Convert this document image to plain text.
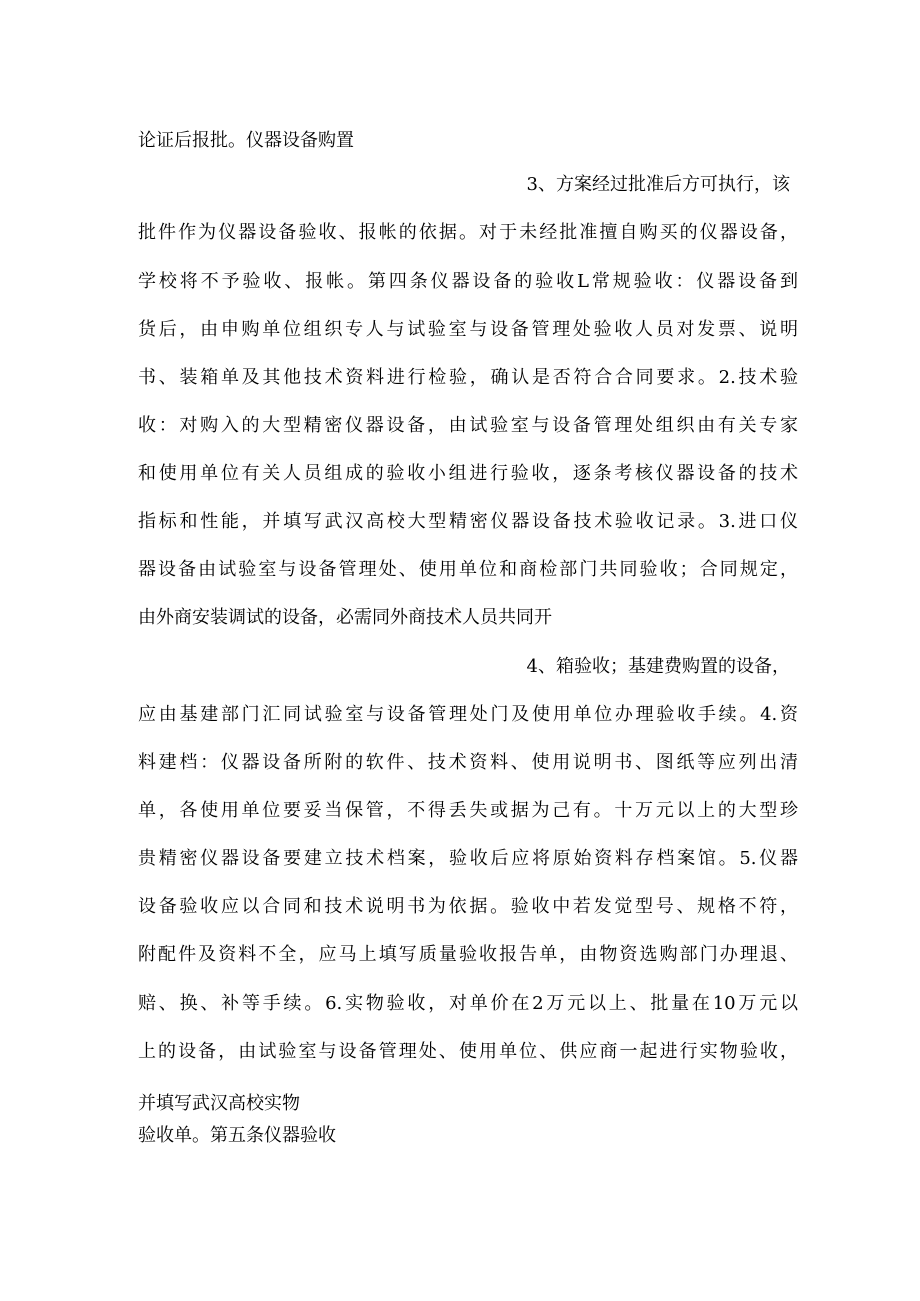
论证后报批。仪器设备购置
3、方案经过批准后方可执行，该
批件作为仪器设备验收、报帐的依据。对于未经批准擅自购买的仪器设备，
学校将不予验收、报帐。第四条仪器设备的验收L常规验收：仪器设备到
货后，由申购单位组织专人与试验室与设备管理处验收人员对发票、说明
书、装箱单及其他技术资料进行检验，确认是否符合合同要求。2.技术验
收：对购入的大型精密仪器设备，由试验室与设备管理处组织由有关专家
和使用单位有关人员组成的验收小组进行验收，逐条考核仪器设备的技术
指标和性能，并填写武汉高校大型精密仪器设备技术验收记录。3.进口仪
器设备由试验室与设备管理处、使用单位和商检部门共同验收；合同规定，
由外商安装调试的设备，必需同外商技术人员共同开
4、箱验收；基建费购置的设备，
应由基建部门汇同试验室与设备管理处门及使用单位办理验收手续。4.资
料建档：仪器设备所附的软件、技术资料、使用说明书、图纸等应列出清
单，各使用单位要妥当保管，不得丢失或据为己有。十万元以上的大型珍
贵精密仪器设备要建立技术档案，验收后应将原始资料存档案馆。5.仪器
设备验收应以合同和技术说明书为依据。验收中若发觉型号、规格不符，
附配件及资料不全，应马上填写质量验收报告单，由物资选购部门办理退、
赔、换、补等手续。6.实物验收，对单价在2万元以上、批量在10万元以
上的设备，由试验室与设备管理处、使用单位、供应商一起进行实物验收，
并填写武汉高校实物
验收单。第五条仪器验收
